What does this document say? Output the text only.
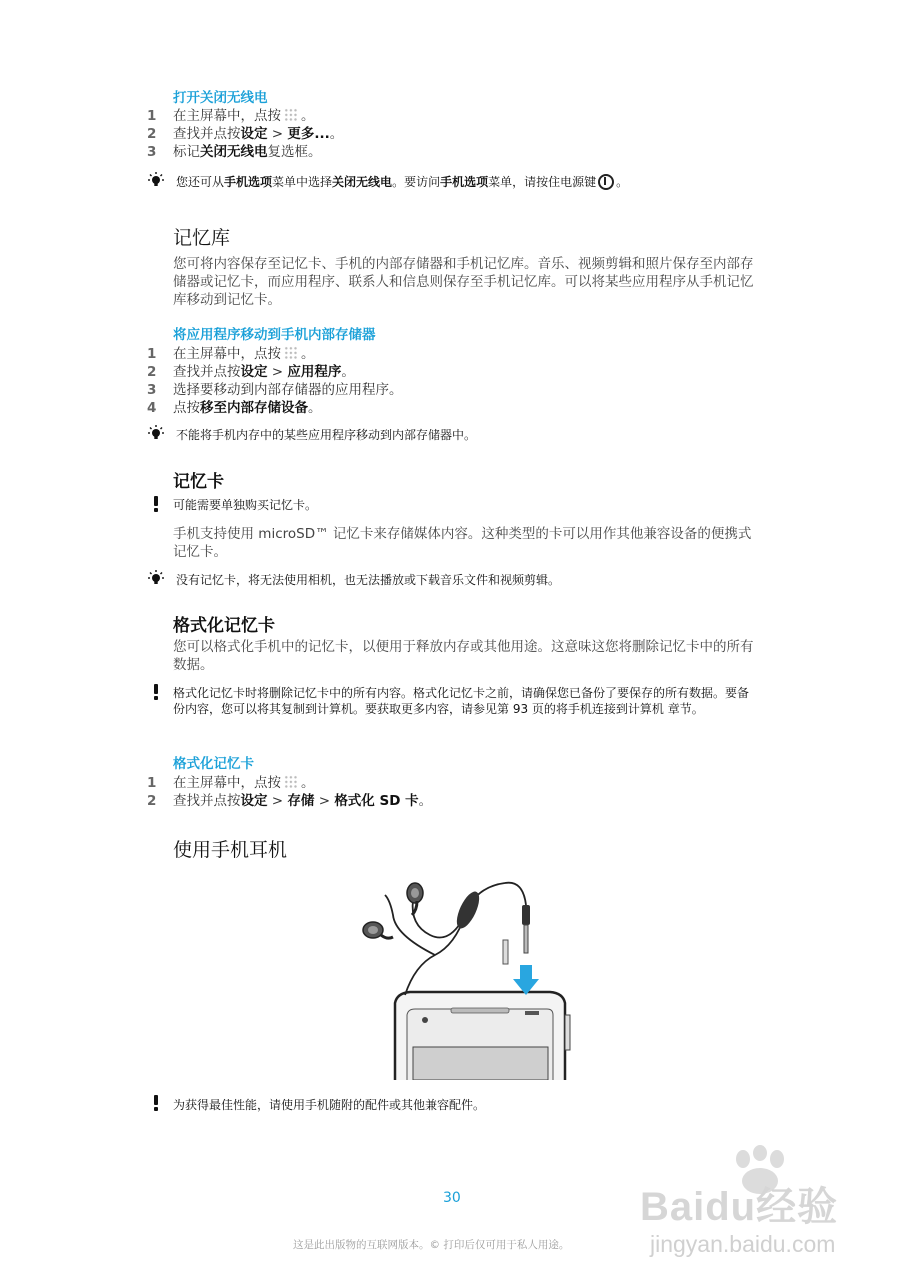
打开关闭无线电
1	在主屏幕中，点按 。
2	查找并点按设定 > 更多...。
3	标记关闭无线电复选框。
您还可从手机选项菜单中选择关闭无线电。要访问手机选项菜单，请按住电源键 。
记忆库
您可将内容保存至记忆卡、手机的内部存储器和手机记忆库。音乐、视频剪辑和照片保存至内部存储器或记忆卡，而应用程序、联系人和信息则保存至手机记忆库。可以将某些应用程序从手机记忆库移动到记忆卡。
将应用程序移动到手机内部存储器
1	在主屏幕中，点按 。
2	查找并点按设定 > 应用程序。
3	选择要移动到内部存储器的应用程序。
4	点按移至内部存储设备。
不能将手机内存中的某些应用程序移动到内部存储器中。
记忆卡
可能需要单独购买记忆卡。
手机支持使用 microSD™ 记忆卡来存储媒体内容。这种类型的卡可以用作其他兼容设备的便携式记忆卡。
没有记忆卡，将无法使用相机，也无法播放或下载音乐文件和视频剪辑。
格式化记忆卡
您可以格式化手机中的记忆卡，以便用于释放内存或其他用途。这意味这您将删除记忆卡中的所有数据。
格式化记忆卡时将删除记忆卡中的所有内容。格式化记忆卡之前，请确保您已备份了要保存的所有数据。要备份内容，您可以将其复制到计算机。要获取更多内容，请参见第 93 页的将手机连接到计算机 章节。
格式化记忆卡
1	在主屏幕中，点按 。
2	查找并点按设定 > 存储 > 格式化 SD 卡。
使用手机耳机
为获得最佳性能，请使用手机随附的配件或其他兼容配件。
30
这是此出版物的互联网版本。© 打印后仅可用于私人用途。
Baidu经验
jingyan.baidu.com
